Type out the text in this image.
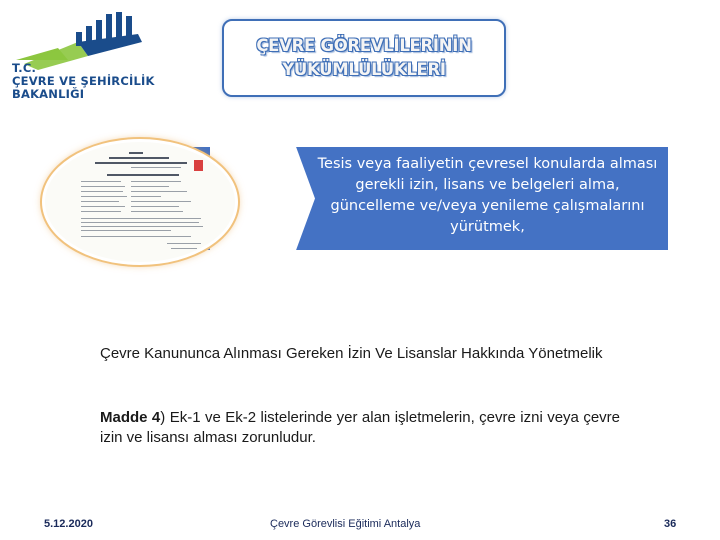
T.C.
ÇEVRE VE ŞEHİRCİLİK
BAKANLIĞI
ÇEVRE GÖREVLİLERİNİN
YÜKÜMLÜLÜKLERİ
Tesis veya faaliyetin çevresel konularda alması gerekli izin, lisans ve belgeleri alma, güncelleme ve/veya yenileme çalışmalarını yürütmek,
Çevre Kanununca Alınması Gereken İzin Ve Lisanslar Hakkında Yönetmelik
Madde 4) Ek-1 ve Ek-2 listelerinde yer alan işletmelerin, çevre izni veya çevre izin ve lisansı alması zorunludur.
5.12.2020	Çevre Görevlisi Eğitimi Antalya	36
